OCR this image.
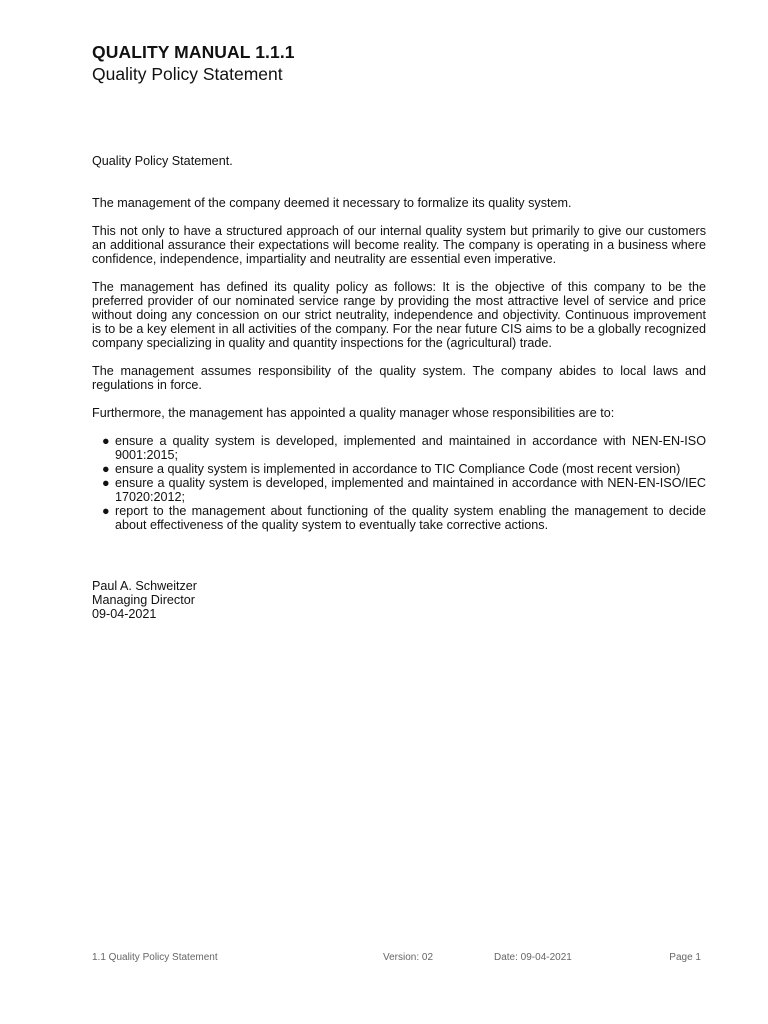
QUALITY MANUAL 1.1.1
Quality Policy Statement

Quality Policy Statement.

The management of the company deemed it necessary to formalize its quality system.

This not only to have a structured approach of our internal quality system but primarily to give our customers an additional assurance their expectations will become reality. The company is operating in a business where confidence, independence, impartiality and neutrality are essential even imperative.

The management has defined its quality policy as follows: It is the objective of this company to be the preferred provider of our nominated service range by providing the most attractive level of service and price without doing any concession on our strict neutrality, independence and objectivity. Continuous improvement is to be a key element in all activities of the company. For the near future CIS aims to be a globally recognized company specializing in quality and quantity inspections for the (agricultural) trade.

The management assumes responsibility of the quality system. The company abides to local laws and regulations in force.

Furthermore, the management has appointed a quality manager whose responsibilities are to:

● ensure a quality system is developed, implemented and maintained in accordance with NEN-EN-ISO 9001:2015;
● ensure a quality system is implemented in accordance to TIC Compliance Code (most recent version)
● ensure a quality system is developed, implemented and maintained in accordance with NEN-EN-ISO/IEC 17020:2012;
● report to the management about functioning of the quality system enabling the management to decide about effectiveness of the quality system to eventually take corrective actions.
Paul A. Schweitzer
Managing Director
09-04-2021
1.1 Quality Policy Statement	Version: 02	Date: 09-04-2021	Page 1
